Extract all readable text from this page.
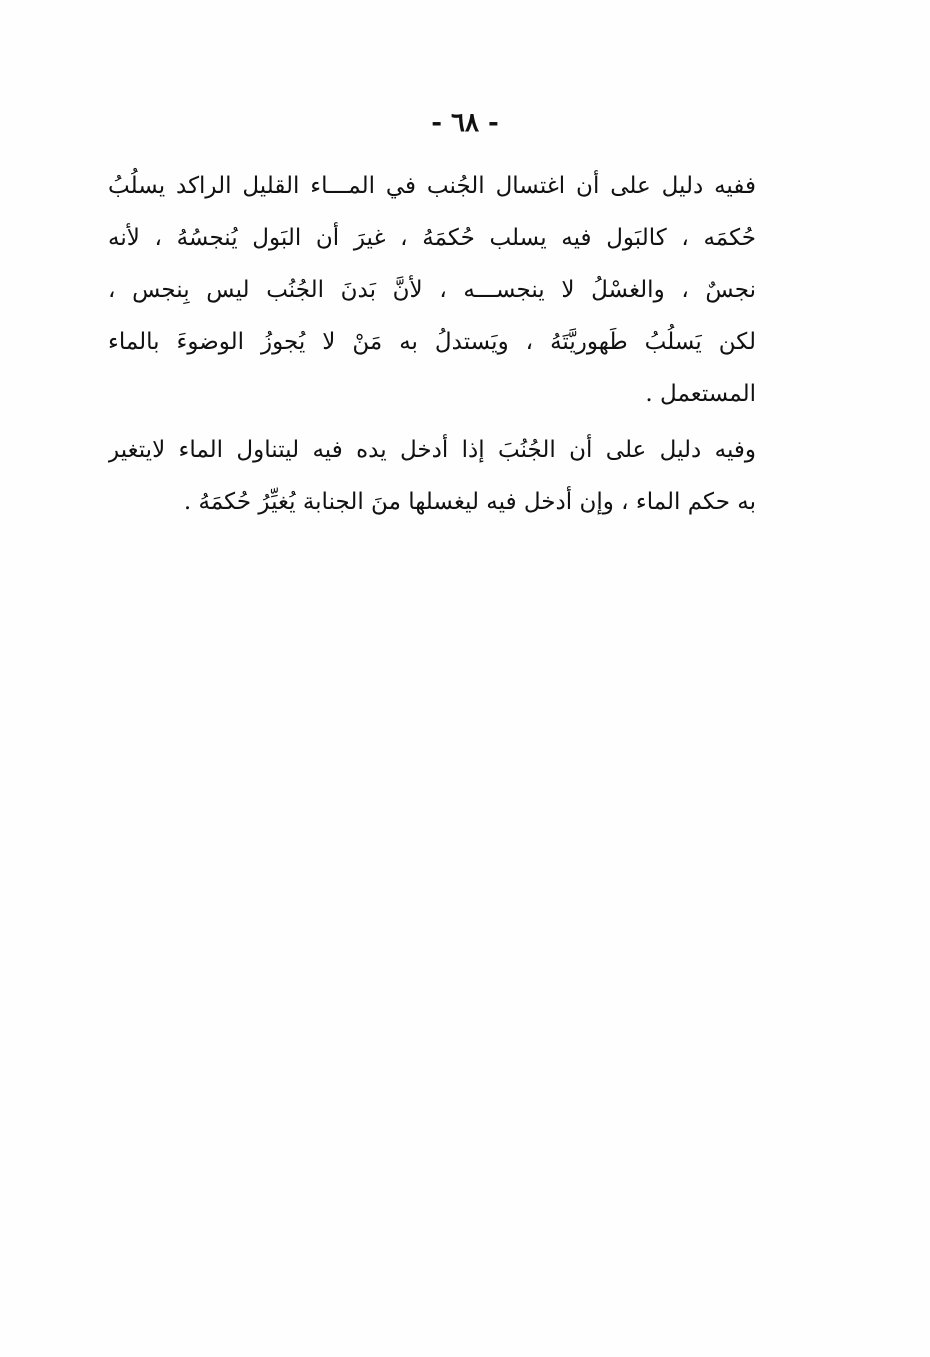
- ٦٨ -
ففيه دليل على أن اغتسال الجُنب في المـــاء القليل الراكد يسلُبُ
حُكمَه ، كالبَول فيه يسلب حُكمَهُ ، غيرَ أن البَول يُنجسُهُ ، لأنه
نجسٌ ، والغسْلُ لا ينجســـه ، لأنَّ بَدنَ الجُنُب ليس بِنجس ،
لكن يَسلُبُ طَهوريَّتَهُ ، ويَستدلُ به مَنْ لا يُجوزُ الوضوءَ بالماء
المستعمل .
وفيه دليل على أن الجُنُبَ إذا أدخل يده فيه ليتناول الماء لايتغير
به حكم الماء ، وإن أدخل فيه ليغسلها منَ الجنابة يُغيِّرُ حُكمَهُ .
